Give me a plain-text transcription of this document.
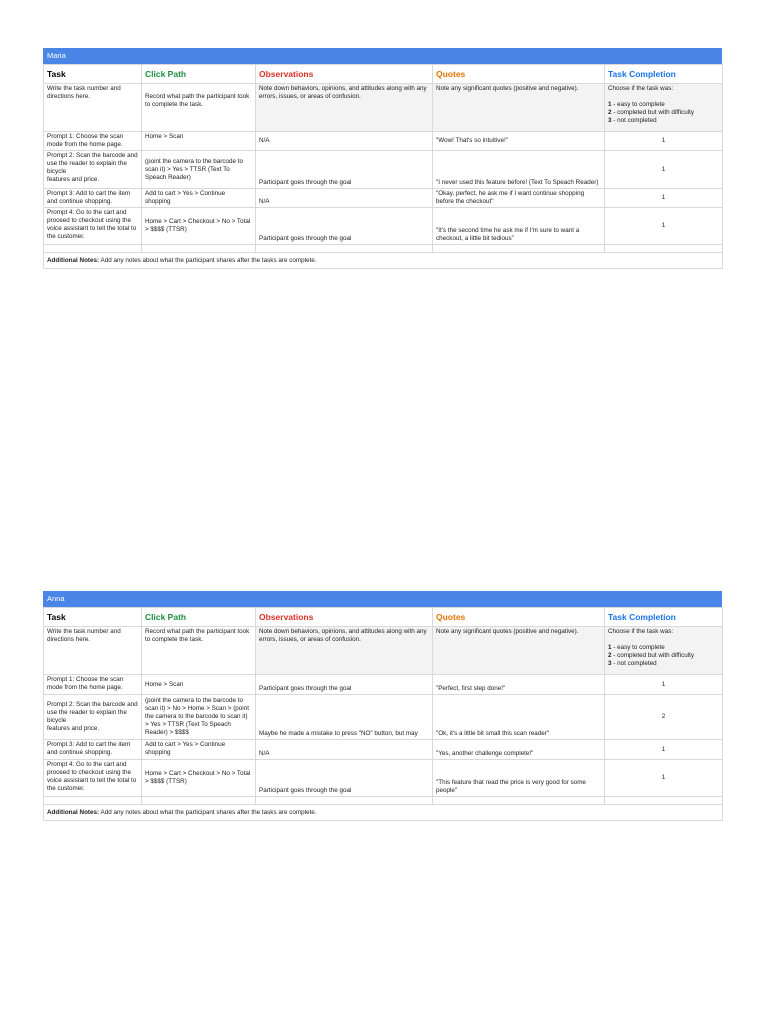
Maria
Task	Click Path	Observations	Quotes	Task Completion
Write the task number and directions here.	Record what path the participant took to complete the task.	Note down behaviors, opinions, and attitudes along with any errors, issues, or areas of confusion.	Note any significant quotes (positive and negative).	Choose if the task was:

1 - easy to complete
2 - completed but with difficulty
3 - not completed

Prompt 1: Choose the scan mode from the home page.	Home > Scan	N/A	"Wow! That's so intuitive!"	1
Prompt 2: Scan the barcode and use the reader to explain the bicycle
features and price.	(point the camera to the barcode to scan it) > Yes > TTSR (Text To Speach Reader)	Participant goes through the goal	"I never used this feature before! (Text To Speach Reader)	1
Prompt 3: Add to cart the item and continue shopping.	Add to cart > Yes > Continue shopping	N/A	"Okay, perfect, he ask me if I want continue shopping before the checkout"	1
Prompt 4: Go to the cart and proceed to checkout using the voice assistant to tell the total to the customer.	Home > Cart > Checkout > No > Total > $$$$ (TTSR)	Participant goes through the goal	"It's the second time he ask me if I'm sure to want a checkout, a little bit tedious"	1

Additional Notes: Add any notes about what the participant shares after the tasks are complete.				
Anna
Task	Click Path	Observations	Quotes	Task Completion
Write the task number and directions here.	Record what path the participant took to complete the task.	Note down behaviors, opinions, and attitudes along with any errors, issues, or areas of confusion.	Note any significant quotes (positive and negative).	Choose if the task was:

1 - easy to complete
2 - completed but with difficulty
3 - not completed

Prompt 1: Choose the scan mode from the home page.	Home > Scan	Participant goes through the goal	"Perfect, first step done!"	1
Prompt 2: Scan the barcode and use the reader to explain the bicycle
features and price.	(point the camera to the barcode to scan it) > No > Home > Scan > (point the camera to the barcode to scan it) > Yes > TTSR (Text To Speach Reader) > $$$$	Maybe he made a mistake to press "NO" button, but may	"Ok, it's a little bit small this scan reader"	2
Prompt 3: Add to cart the item and continue shopping.	Add to cart > Yes > Continue shopping	N/A	"Yes, another challenge complete!"	1
Prompt 4: Go to the cart and proceed to checkout using the voice assistant to tell the total to the customer.	Home > Cart > Checkout > No > Total > $$$$ (TTSR)	Participant goes through the goal	"This feature that read the price is very good for some people"	1

Additional Notes: Add any notes about what the participant shares after the tasks are complete.				
